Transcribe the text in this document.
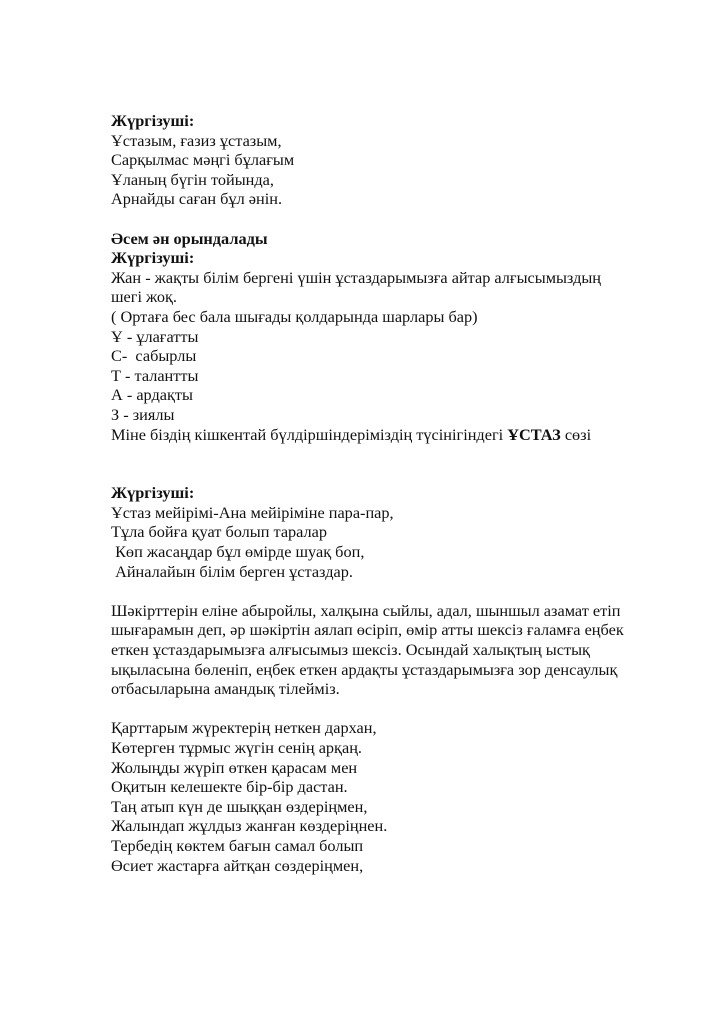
Жүргізуші:
Ұстазым, ғазиз ұстазым,
Сарқылмас мәңгі бұлағым
Ұланың бүгін тойында,
Арнайды саған бұл әнін.
Әсем ән орындалады
Жүргізуші:
Жан - жақты білім бергені үшін ұстаздарымызға айтар алғысымыздың
шегі жоқ.
( Ортаға бес бала шығады қолдарында шарлары бар)
Ұ - ұлағатты
С-  сабырлы
Т - талантты
А - ардақты
З - зиялы
Міне біздің кішкентай бүлдіршіндеріміздің түсінігіндегі ҰСТАЗ сөзі
Жүргізуші:
Ұстаз мейірімі-Ана мейіріміне пара-пар,
Тұла бойға қуат болып таралар
Көп жасаңдар бұл өмірде шуақ боп,
Айналайын білім берген ұстаздар.
Шәкірттерін еліне абыройлы, халқына сыйлы, адал, шыншыл азамат етіп
шығарамын деп, әр шәкіртін аялап өсіріп, өмір атты шексіз ғаламға еңбек
еткен ұстаздарымызға алғысымыз шексіз. Осындай халықтың ыстық
ықыласына бөленіп, еңбек еткен ардақты ұстаздарымызға зор денсаулық
отбасыларына амандық тілейміз.
Қарттарым жүректерің неткен дархан,
Көтерген тұрмыс жүгін сенің арқаң.
Жолыңды жүріп өткен қарасам мен
Оқитын келешекте бір-бір дастан.
Таң атып күн де шыққан өздеріңмен,
Жалындап жұлдыз жанған көздеріңнен.
Тербедің көктем бағын самал болып
Өсиет жастарға айтқан сөздеріңмен,
